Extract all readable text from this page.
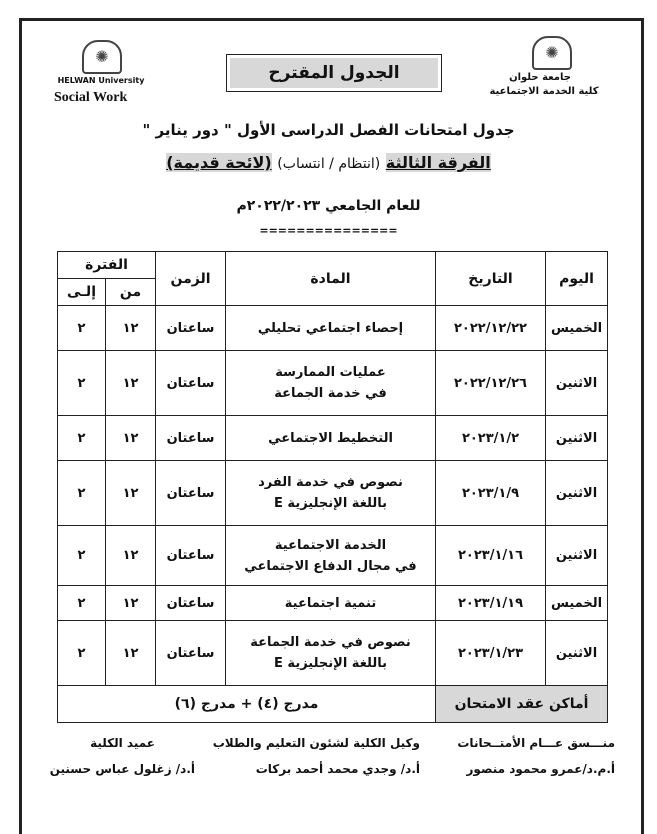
✺
HELWAN University
Social Work
الجدول المقترح
✺
جامعة حلوان
كلية الخدمة الاجتماعية
جدول امتحانات الفصل الدراسى الأول " دور يناير "
الفرقة الثالثة (انتظام / انتساب) (لائحة قديمة)
للعام الجامعي ٢٠٢٢/٢٠٢٣م
===============
اليوم	التاريخ	المادة	الزمن	الفترة	
				من	إلـى
الخميس	٢٠٢٢/١٢/٢٢	إحصاء اجتماعي تحليلي	ساعتان	١٢	٢
الاثنين	٢٠٢٢/١٢/٢٦	عمليات الممارسة
في خدمة الجماعة	ساعتان	١٢	٢
الاثنين	٢٠٢٣/١/٢	التخطيط الاجتماعي	ساعتان	١٢	٢
الاثنين	٢٠٢٣/١/٩	نصوص في خدمة الفرد
باللغة الإنجليزية E	ساعتان	١٢	٢
الاثنين	٢٠٢٣/١/١٦	الخدمة الاجتماعية
في مجال الدفاع الاجتماعي	ساعتان	١٢	٢
الخميس	٢٠٢٣/١/١٩	تنمية اجتماعية	ساعتان	١٢	٢
الاثنين	٢٠٢٣/١/٢٣	نصوص في خدمة الجماعة
باللغة الإنجليزية E	ساعتان	١٢	٢
أماكن عقد الامتحان		مدرج (٤) + مدرج (٦)			
منـــسق عـــام الأمتــحانات
أ.م.د/عمرو محمود منصور
وكيل الكلية لشئون التعليم والطلاب
أ.د/ وجدي محمد أحمد بركات
عميد الكلية
أ.د/ زغلول عباس حسنين
